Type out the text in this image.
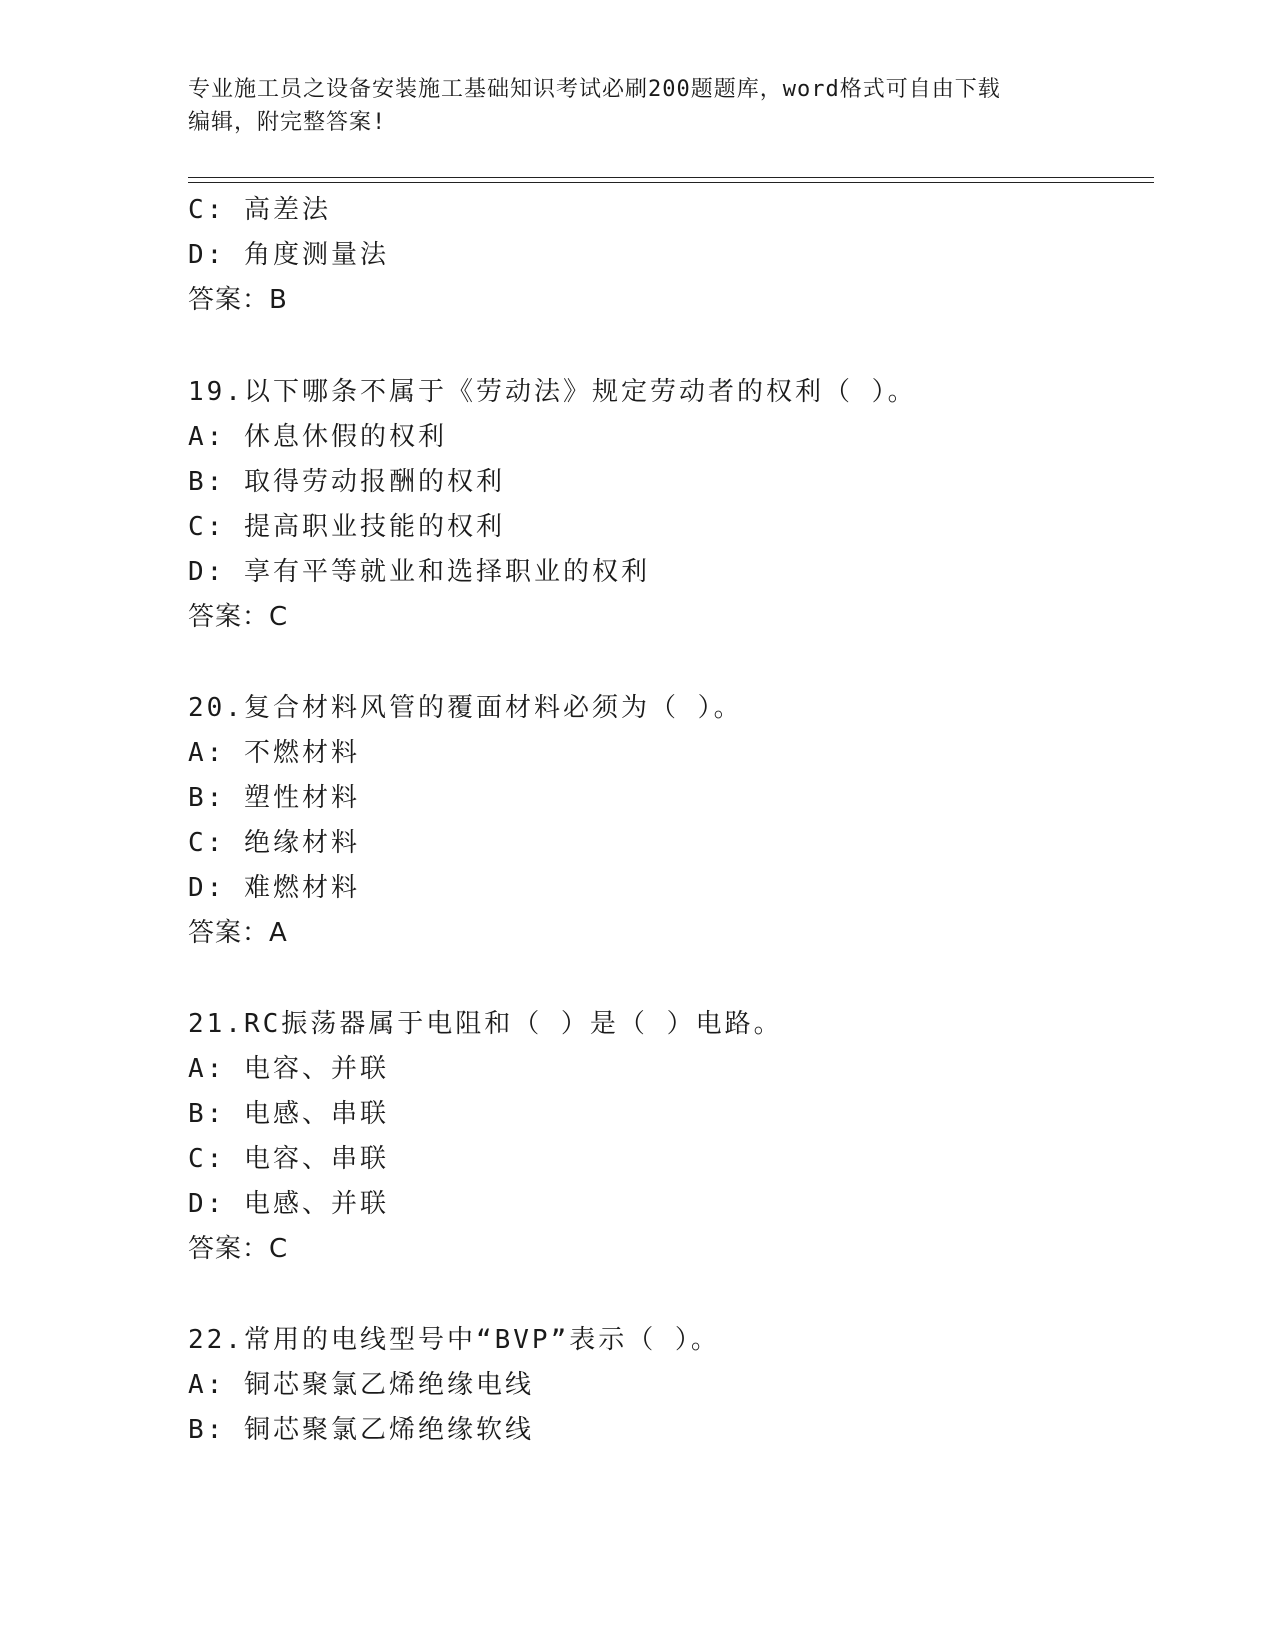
专业施工员之设备安装施工基础知识考试必刷200题题库，word格式可自由下载
编辑，附完整答案!
C: 高差法
D: 角度测量法
答案：B
19.以下哪条不属于《劳动法》规定劳动者的权利（ ）。
A: 休息休假的权利
B: 取得劳动报酬的权利
C: 提高职业技能的权利
D: 享有平等就业和选择职业的权利
答案：C
20.复合材料风管的覆面材料必须为（ ）。
A: 不燃材料
B: 塑性材料
C: 绝缘材料
D: 难燃材料
答案：A
21.RC振荡器属于电阻和（ ）是（ ）电路。
A: 电容、并联
B: 电感、串联
C: 电容、串联
D: 电感、并联
答案：C
22.常用的电线型号中“BVP”表示（ ）。
A: 铜芯聚氯乙烯绝缘电线
B: 铜芯聚氯乙烯绝缘软线
